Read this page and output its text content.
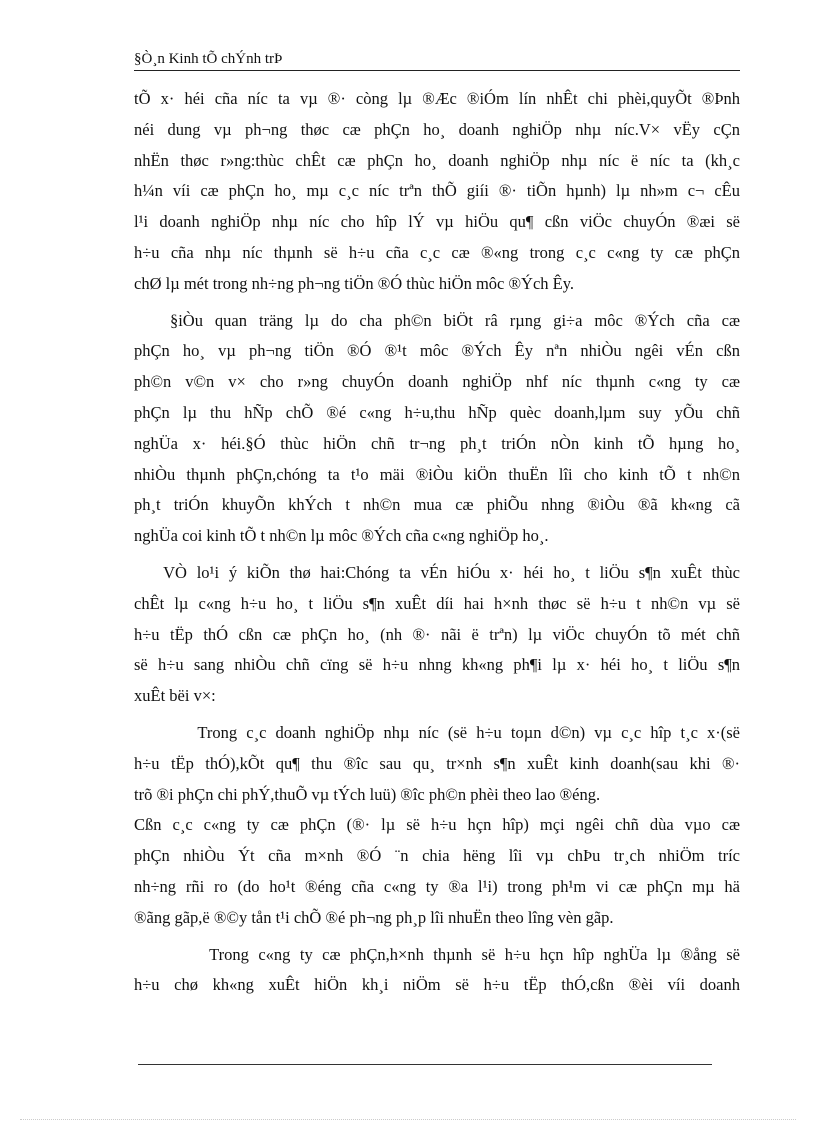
§Ò¸n Kinh tÕ chÝnh trÞ
tÕ x· héi cña níc ta vµ ®· còng lµ ®Æc ®iÓm lín nhÊt chi phèi,quyÕt ®Þnh
néi dung vµ ph¬ng thøc cæ phÇn ho¸ doanh nghiÖp nhµ níc.V× vËy cÇn
nhËn thøc r»ng:thùc chÊt cæ phÇn ho¸ doanh nghiÖp nhµ níc ë níc ta (kh¸c
h¼n víi cæ phÇn ho¸ mµ c¸c níc trªn thÕ giíi ®· tiÕn hµnh) lµ nh»m c¬ cÊu
l¹i doanh nghiÖp nhµ níc cho hîp lÝ vµ hiÖu qu¶ cßn viÖc chuyÓn ®æi së
h÷u cña nhµ níc thµnh së h÷u cña c¸c cæ ®«ng trong c¸c c«ng ty cæ phÇn
chØ lµ mét trong nh÷ng ph¬ng tiÖn ®Ó thùc hiÖn môc ®Ých Êy.
§iÒu quan träng lµ do cha ph©n biÖt râ rµng gi÷a môc ®Ých cña cæ
phÇn ho¸ vµ ph¬ng tiÖn ®Ó ®¹t môc ®Ých Êy nªn nhiÒu ngêi vÉn cßn
ph©n v©n v× cho r»ng chuyÓn doanh nghiÖp nhf níc thµnh c«ng ty cæ
phÇn lµ thu hÑp chÕ ®é c«ng h÷u,thu hÑp quèc doanh,lµm suy yÕu chñ
nghÜa x· héi.§Ó thùc hiÖn chñ tr¬ng ph¸t triÓn nÒn kinh tÕ hµng ho¸
nhiÒu thµnh phÇn,chóng ta t¹o mäi ®iÒu kiÖn thuËn lîi cho kinh tÕ t nh©n
ph¸t triÓn khuyÕn khÝch t nh©n mua cæ phiÕu nhng ®iÒu ®ã kh«ng cã
nghÜa coi kinh tÕ t nh©n lµ môc ®Ých cña c«ng nghiÖp ho¸.
VÒ lo¹i ý kiÕn thø hai:Chóng ta vÉn hiÓu x· héi ho¸ t liÖu s¶n xuÊt thùc
chÊt lµ c«ng h÷u ho¸ t liÖu s¶n xuÊt díi hai h×nh thøc së h÷u t nh©n vµ së
h÷u tËp thÓ cßn cæ phÇn ho¸ (nh ®· nãi ë trªn) lµ viÖc chuyÓn tõ mét chñ
së h÷u sang nhiÒu chñ cïng së h÷u nhng kh«ng ph¶i lµ x· héi ho¸ t liÖu s¶n
xuÊt bëi v×:
Trong c¸c doanh nghiÖp nhµ níc (së h÷u toµn d©n) vµ c¸c hîp t¸c x·(së
h÷u tËp thÓ),kÕt qu¶ thu ®îc sau qu¸ tr×nh s¶n xuÊt kinh doanh(sau khi ®·
trõ ®i phÇn chi phÝ,thuÕ vµ tÝch luü) ®îc ph©n phèi theo lao ®éng.
Cßn c¸c c«ng ty cæ phÇn (®· lµ së h÷u hçn hîp) mçi ngêi chñ dùa vµo cæ
phÇn nhiÒu Ýt cña m×nh ®Ó ¨n chia hëng lîi vµ chÞu tr¸ch nhiÖm tríc
nh÷ng rñi ro (do ho¹t ®éng cña c«ng ty ®a l¹i) trong ph¹m vi cæ phÇn mµ hä
®ãng gãp,ë ®©y tån t¹i chÕ ®é ph¬ng ph¸p lîi nhuËn theo lîng vèn gãp.
Trong c«ng ty cæ phÇn,h×nh thµnh së h÷u hçn hîp nghÜa lµ ®ång së
h÷u chø kh«ng xuÊt hiÖn kh¸i niÖm së h÷u tËp thÓ,cßn ®èi víi doanh
